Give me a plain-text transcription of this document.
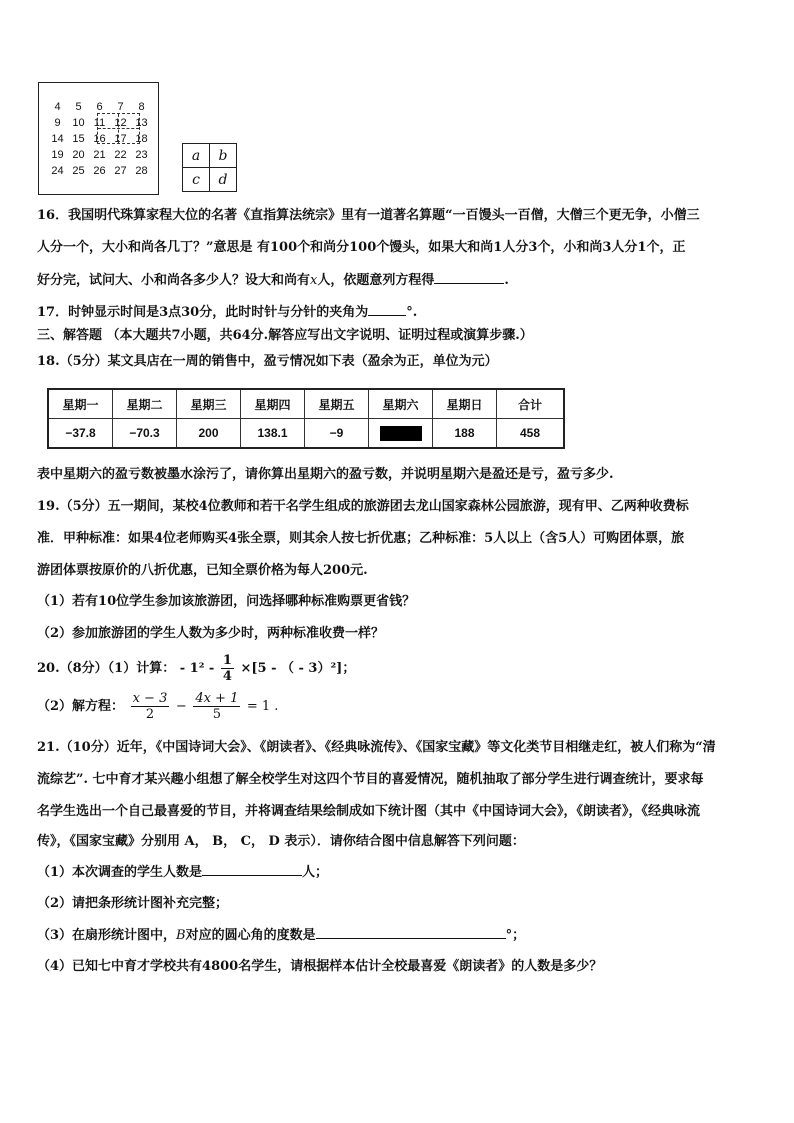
4	5	6	7	8
9	10 11 12 13
14 15 16 17 18
19 20 21 22 23
24 25 26 27 28
a	b
c	d
16．我国明代珠算家程大位的名著《直指算法统宗》里有一道著名算题“一百馒头一百僧，大僧三个更无争，小僧三
人分一个，大小和尚各几丁？”意思是 有100个和尚分100个馒头，如果大和尚1人分3个，小和尚3人分1个，正
好分完，试问大、小和尚各多少人？设大和尚有x人，依题意列方程得	.
17．时钟显示时间是3点30分，此时时针与分针的夹角为	°.
三、解答题 （本大题共7小题，共64分.解答应写出文字说明、证明过程或演算步骤.）
18.（5分）某文具店在一周的销售中，盈亏情况如下表（盈余为正，单位为元）
星期一	星期二	星期三	星期四	星期五	星期六	星期日	合计
−37.8	−70.3	200	138.1	−9		188	458
表中星期六的盈亏数被墨水涂污了，请你算出星期六的盈亏数，并说明星期六是盈还是亏，盈亏多少.
19.（5分）五一期间，某校4位教师和若干名学生组成的旅游团去龙山国家森林公园旅游，现有甲、乙两种收费标
准．甲种标准：如果4位老师购买4张全票，则其余人按七折优惠；乙种标准：5人以上（含5人）可购团体票，旅
游团体票按原价的八折优惠，已知全票价格为每人200元.
（1）若有10位学生参加该旅游团，问选择哪种标准购票更省钱？
（2）参加旅游团的学生人数为多少时，两种标准收费一样？
20.（8分）（1）计算： - $1^2 - \frac{1}{4} \times[5$ - （ - 3）²]；
（2）解方程： $\frac{x - 3}{2} - \frac{4x + 1}{5} = 1$ .
21.（10分）近年，《中国诗词大会》、《朗读者》、《经典咏流传》、《国家宝藏》等文化类节目相继走红，被人们称为“清
流综艺”. 七中育才某兴趣小组想了解全校学生对这四个节目的喜爱情况，随机抽取了部分学生进行调查统计，要求每
名学生选出一个自己最喜爱的节目，并将调查结果绘制成如下统计图（其中《中国诗词大会》，《朗读者》，《经典咏流
传》，《国家宝藏》分别用 A， B， C， D 表示）．请你结合图中信息解答下列问题：
（1）本次调查的学生人数是	人；
（2）请把条形统计图补充完整；
（3）在扇形统计图中，B对应的圆心角的度数是	°；
（4）已知七中育才学校共有4800名学生，请根据样本估计全校最喜爱《朗读者》的人数是多少？
